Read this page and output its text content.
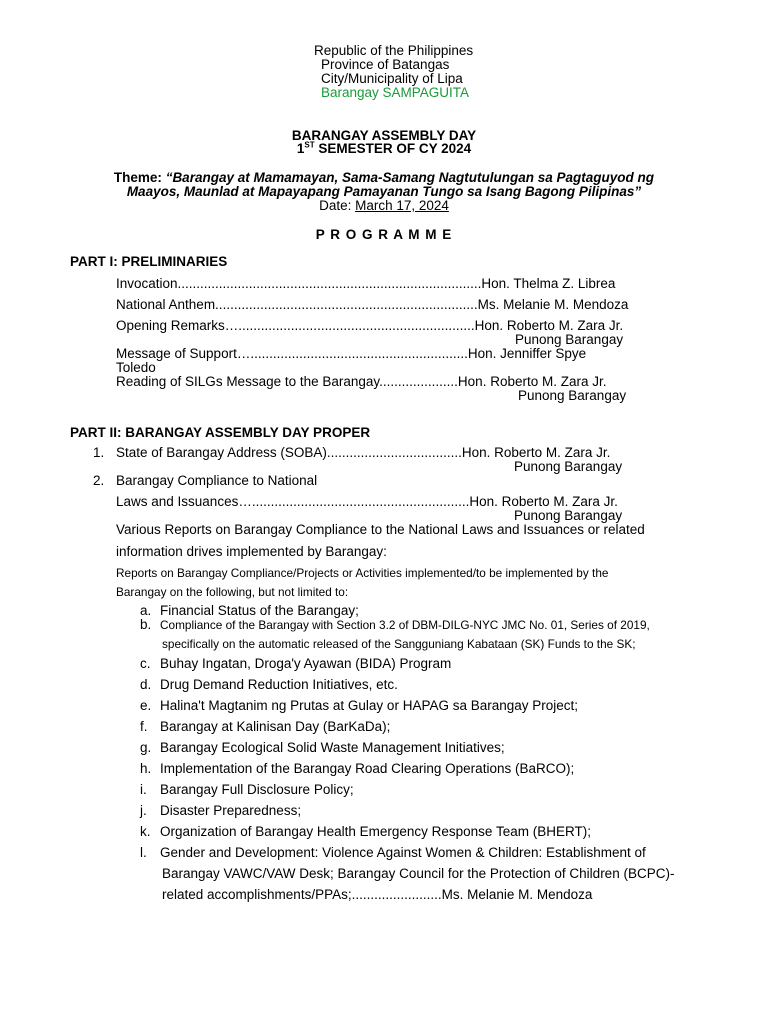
Republic of the Philippines
Province of Batangas
City/Municipality of Lipa
Barangay SAMPAGUITA
BARANGAY ASSEMBLY DAY
1ST SEMESTER OF CY 2024
Theme: “Barangay at Mamamayan, Sama-Samang Nagtutulungan sa Pagtaguyod ng
Maayos, Maunlad at Mapayapang Pamayanan Tungo sa Isang Bagong Pilipinas”
Date: March 17, 2024
P R O G R A M M E
PART I: PRELIMINARIES
Invocation.................................................................................Hon. Thelma Z. Librea
National Anthem......................................................................Ms. Melanie M. Mendoza
Opening Remarks…...............................................................Hon. Roberto M. Zara Jr.
Punong Barangay
Message of Support…..........................................................Hon. Jenniffer Spye
Toledo
Reading of SILGs Message to the Barangay.....................Hon. Roberto M. Zara Jr.
Punong Barangay
PART II: BARANGAY ASSEMBLY DAY PROPER
1. State of Barangay Address (SOBA)....................................Hon. Roberto M. Zara Jr.
Punong Barangay
2. Barangay Compliance to National
Laws and Issuances…..........................................................Hon. Roberto M. Zara Jr.
Punong Barangay
Various Reports on Barangay Compliance to the National Laws and Issuances or related
information drives implemented by Barangay:
Reports on Barangay Compliance/Projects or Activities implemented/to be implemented by the
Barangay on the following, but not limited to:
a. Financial Status of the Barangay;
b. Compliance of the Barangay with Section 3.2 of DBM-DILG-NYC JMC No. 01, Series of 2019,
specifically on the automatic released of the Sangguniang Kabataan (SK) Funds to the SK;
c. Buhay Ingatan, Droga'y Ayawan (BIDA) Program
d. Drug Demand Reduction Initiatives, etc.
e. Halina't Magtanim ng Prutas at Gulay or HAPAG sa Barangay Project;
f. Barangay at Kalinisan Day (BarKaDa);
g. Barangay Ecological Solid Waste Management Initiatives;
h. Implementation of the Barangay Road Clearing Operations (BaRCO);
i. Barangay Full Disclosure Policy;
j. Disaster Preparedness;
k. Organization of Barangay Health Emergency Response Team (BHERT);
l. Gender and Development: Violence Against Women & Children: Establishment of
Barangay VAWC/VAW Desk; Barangay Council for the Protection of Children (BCPC)-
related accomplishments/PPAs;........................Ms. Melanie M. Mendoza
